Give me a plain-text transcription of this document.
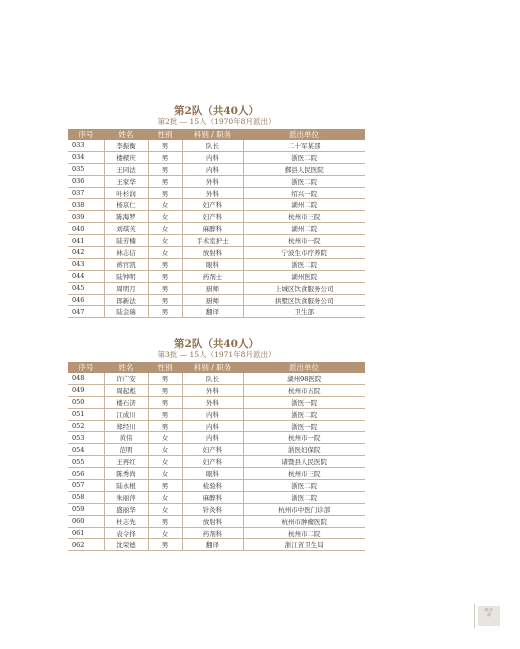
第2队（共40人）
第2批 — 15人（1970年8月派出）
序号	姓名	性别	科别 / 职务	派出单位
033	李振衡	男	队长	二十军某部
034	楼樑庆	男	内科	浙医二院
035	王同法	男	内科	鄞县人民医院
036	王家华	男	外科	浙医二院
037	叶杉润	男	外科	绍兴一院
038	杨京仁	女	妇产科	湖州二院
039	陈海罗	女	妇产科	杭州市三院
040	刘琪芙	女	麻醉科	湖州二院
041	陆芳楠	女	手术室护士	杭州市一院
042	林志信	女	放射科	宁波生市疗养院
043	蒋官凯	男	眼科	浙医二院
044	陆钟明	男	药剂士	湖州医院
045	周明月	男	厨师	上城区饮食服务公司
046	郎新法	男	厨师	拱墅区饮食服务公司
047	陆金瑞	男	翻译	卫生部
第2队（共40人）
第3批 — 15人（1971年8月派出）
序号	姓名	性别	科别 / 职务	派出单位
048	许广安	男	队长	湖州98医院
049	周起彪	男	外科	杭州市五院
050	楼石济	男	外科	浙医一院
051	江成川	男	内科	浙医二院
052	郑经川	男	内科	浙医一院
053	黄伟	女	内科	杭州市一院
054	范明	女	妇产科	浙医妇保院
055	王再红	女	妇产科	诸暨县人民医院
056	陈秀尚	女	眼科	杭州市三院
057	陆永根	男	检验科	浙医二院
058	朱丽萍	女	麻醉科	浙医二院
059	盛丽华	女	针灸科	杭州市中医门诊部
060	杜志先	男	放射科	杭州市肿瘤医院
061	袁令择	女	药剂科	杭州市二院
062	沈荣德	男	翻译	浙江省卫生局
援非录
